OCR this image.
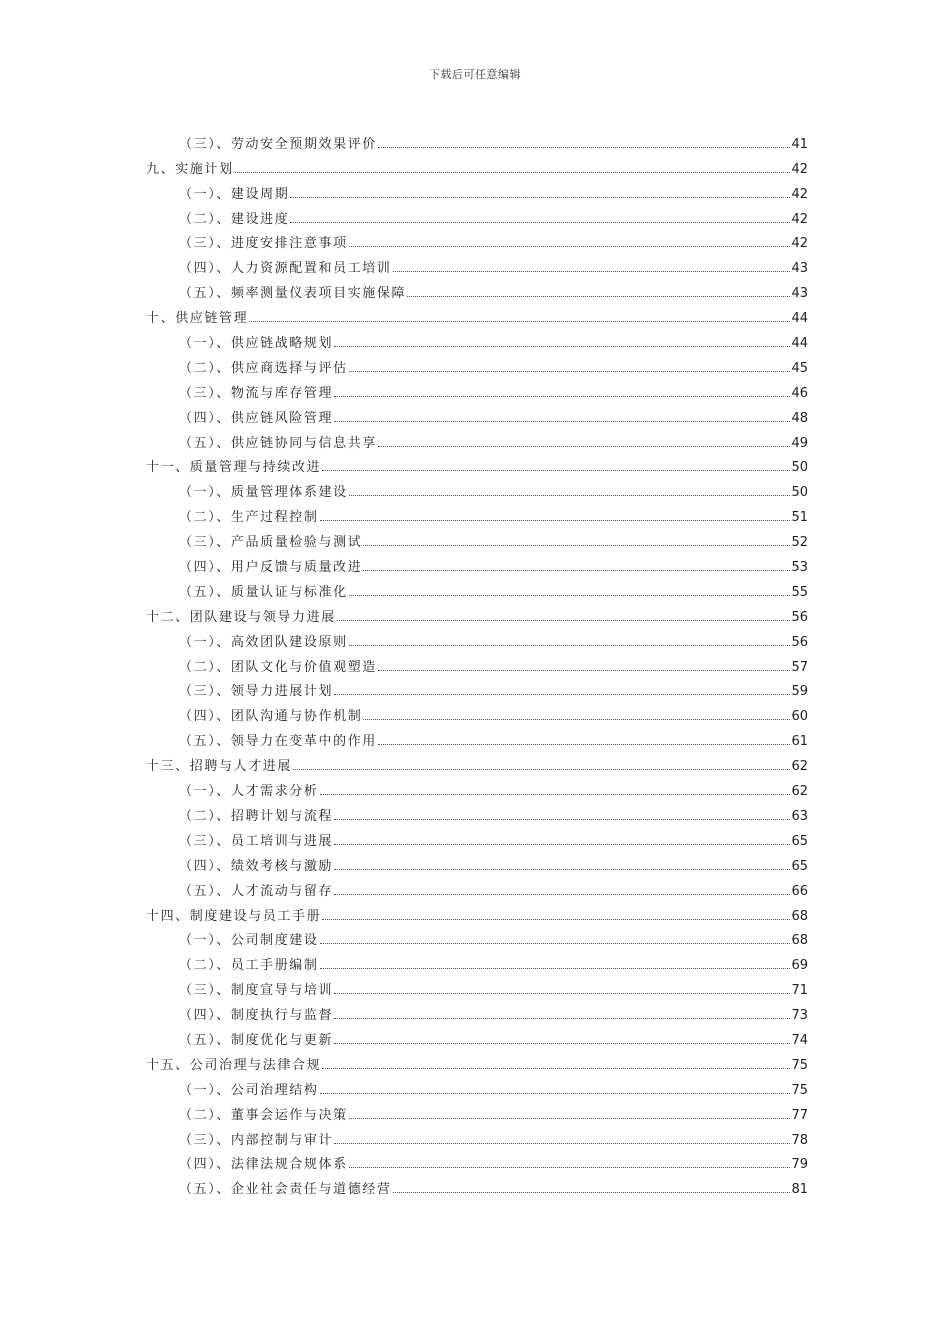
下载后可任意编辑
（三）、劳动安全预期效果评价	41
九、实施计划	42
（一）、建设周期	42
（二）、建设进度	42
（三）、进度安排注意事项	42
（四）、人力资源配置和员工培训	43
（五）、频率测量仪表项目实施保障	43
十、供应链管理	44
（一）、供应链战略规划	44
（二）、供应商选择与评估	45
（三）、物流与库存管理	46
（四）、供应链风险管理	48
（五）、供应链协同与信息共享	49
十一、质量管理与持续改进	50
（一）、质量管理体系建设	50
（二）、生产过程控制	51
（三）、产品质量检验与测试	52
（四）、用户反馈与质量改进	53
（五）、质量认证与标准化	55
十二、团队建设与领导力进展	56
（一）、高效团队建设原则	56
（二）、团队文化与价值观塑造	57
（三）、领导力进展计划	59
（四）、团队沟通与协作机制	60
（五）、领导力在变革中的作用	61
十三、招聘与人才进展	62
（一）、人才需求分析	62
（二）、招聘计划与流程	63
（三）、员工培训与进展	65
（四）、绩效考核与激励	65
（五）、人才流动与留存	66
十四、制度建设与员工手册	68
（一）、公司制度建设	68
（二）、员工手册编制	69
（三）、制度宣导与培训	71
（四）、制度执行与监督	73
（五）、制度优化与更新	74
十五、公司治理与法律合规	75
（一）、公司治理结构	75
（二）、董事会运作与决策	77
（三）、内部控制与审计	78
（四）、法律法规合规体系	79
（五）、企业社会责任与道德经营	81
